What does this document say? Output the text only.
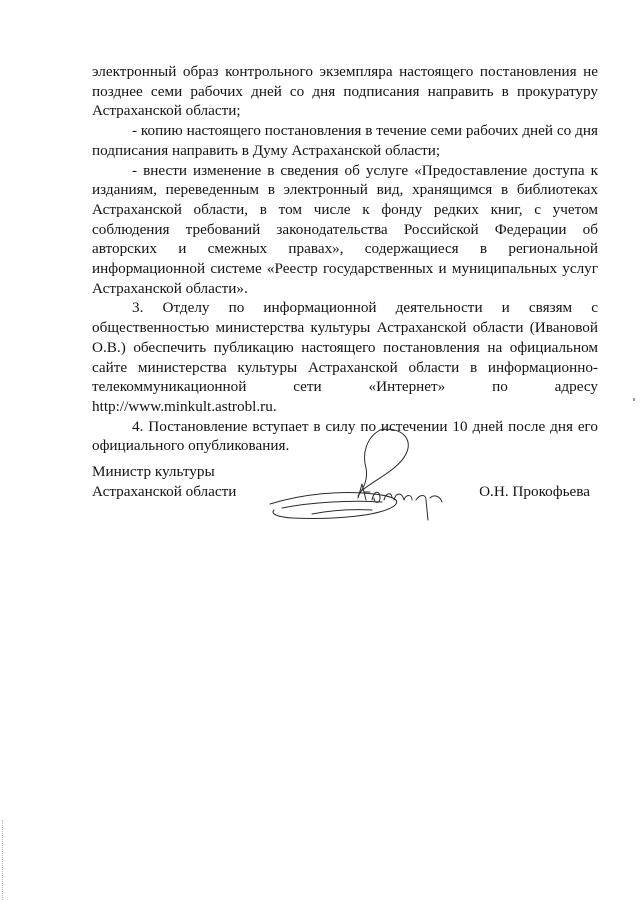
электронный образ контрольного экземпляра настоящего постановления не позднее семи рабочих дней со дня подписания направить в прокуратуру Астраханской области;

- копию настоящего постановления в течение семи рабочих дней со дня подписания направить в Думу Астраханской области;

- внести изменение в сведения об услуге «Предоставление доступа к изданиям, переведенным в электронный вид, хранящимся в библиотеках Астраханской области, в том числе к фонду редких книг, с учетом соблюдения требований законодательства Российской Федерации об авторских и смежных правах», содержащиеся в региональной информационной системе «Реестр государственных и муниципальных услуг Астраханской области».

3. Отделу по информационной деятельности и связям с общественностью министерства культуры Астраханской области (Ивановой О.В.) обеспечить публикацию настоящего постановления на официальном сайте министерства культуры Астраханской области в информационно-телекоммуникационной сети «Интернет» по адресу http://www.minkult.astrobl.ru.

4. Постановление вступает в силу по истечении 10 дней после дня его официального опубликования.

Министр культуры
Астраханской области	О.Н. Прокофьева
